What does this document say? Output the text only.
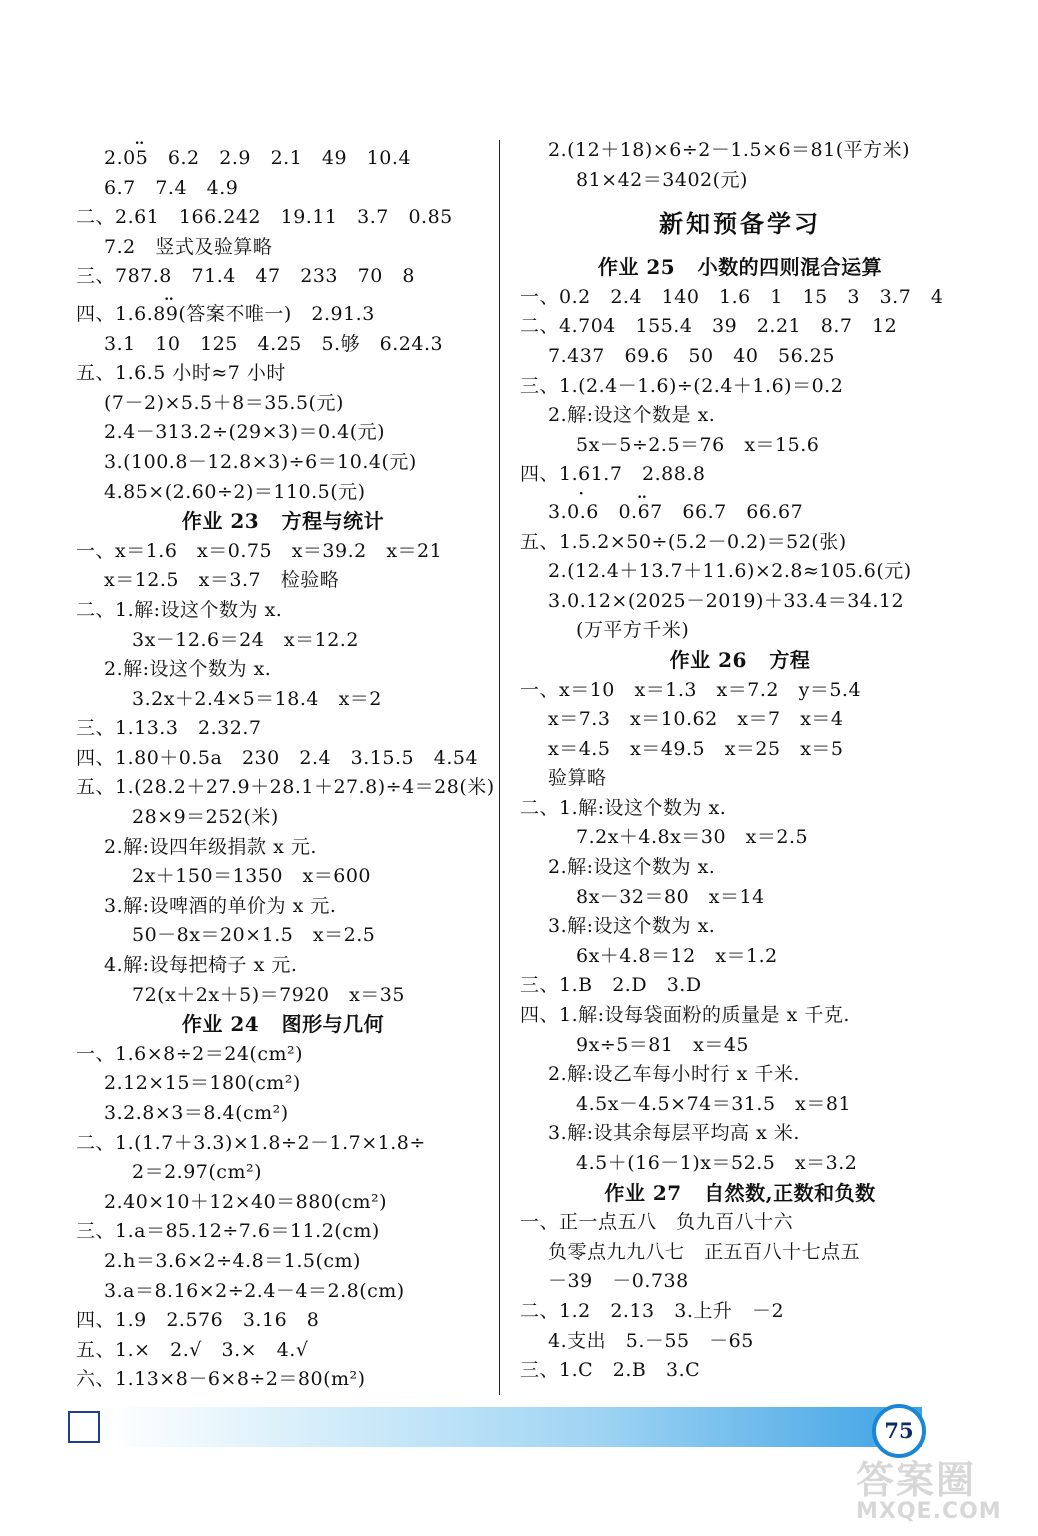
‥
2.05   6.2   2.9   2.1   49   10.4
6.7   7.4   4.9
二、2.61   166.242   19.11   3.7   0.85
7.2   竖式及验算略
三、787.8   71.4   47   233   70   8
‥
四、1.6.89(答案不唯一)   2.91.3
3.1   10   125   4.25   5.够   6.24.3
五、1.6.5 小时≈7 小时
(7－2)×5.5＋8＝35.5(元)
2.4－313.2÷(29×3)＝0.4(元)
3.(100.8－12.8×3)÷6＝10.4(元)
4.85×(2.60÷2)＝110.5(元)
作业 23   方程与统计
一、x＝1.6   x＝0.75   x＝39.2   x＝21
x＝12.5   x＝3.7   检验略
二、1.解:设这个数为 x.
3x－12.6＝24   x＝12.2
2.解:设这个数为 x.
3.2x＋2.4×5＝18.4   x＝2
三、1.13.3   2.32.7
四、1.80＋0.5a   230   2.4   3.15.5   4.54
五、1.(28.2＋27.9＋28.1＋27.8)÷4＝28(米)
28×9＝252(米)
2.解:设四年级捐款 x 元.
2x＋150＝1350   x＝600
3.解:设啤酒的单价为 x 元.
50－8x＝20×1.5   x＝2.5
4.解:设每把椅子 x 元.
72(x＋2x＋5)＝7920   x＝35
作业 24   图形与几何
一、1.6×8÷2＝24(cm²)
2.12×15＝180(cm²)
3.2.8×3＝8.4(cm²)
二、1.(1.7＋3.3)×1.8÷2－1.7×1.8÷
2＝2.97(cm²)
2.40×10＋12×40＝880(cm²)
三、1.a＝85.12÷7.6＝11.2(cm)
2.h＝3.6×2÷4.8＝1.5(cm)
3.a＝8.16×2÷2.4－4＝2.8(cm)
四、1.9   2.576   3.16   8
五、1.×   2.√   3.×   4.√
六、1.13×8－6×8÷2＝80(m²)
2.(12＋18)×6÷2－1.5×6＝81(平方米)
81×42＝3402(元)
新知预备学习
作业 25   小数的四则混合运算
一、0.2   2.4   140   1.6   1   15   3   3.7   4
二、4.704   155.4   39   2.21   8.7   12
7.437   69.6   50   40   56.25
三、1.(2.4－1.6)÷(2.4＋1.6)＝0.2
2.解:设这个数是 x.
5x－5÷2.5＝76   x＝15.6
四、1.61.7   2.88.8
·           ‥
3.0.6   0.67   66.7   66.67
五、1.5.2×50÷(5.2－0.2)＝52(张)
2.(12.4＋13.7＋11.6)×2.8≈105.6(元)
3.0.12×(2025－2019)＋33.4＝34.12
(万平方千米)
作业 26   方程
一、x＝10   x＝1.3   x＝7.2   y＝5.4
x＝7.3   x＝10.62   x＝7   x＝4
x＝4.5   x＝49.5   x＝25   x＝5
验算略
二、1.解:设这个数为 x.
7.2x＋4.8x＝30   x＝2.5
2.解:设这个数为 x.
8x－32＝80   x＝14
3.解:设这个数为 x.
6x＋4.8＝12   x＝1.2
三、1.B   2.D   3.D
四、1.解:设每袋面粉的质量是 x 千克.
9x÷5＝81   x＝45
2.解:设乙车每小时行 x 千米.
4.5x－4.5×74＝31.5   x＝81
3.解:设其余每层平均高 x 米.
4.5＋(16－1)x＝52.5   x＝3.2
作业 27   自然数,正数和负数
一、正一点五八   负九百八十六
负零点九九八七   正五百八十七点五
－39   －0.738
二、1.2   2.13   3.上升   －2
4.支出   5.－55   －65
三、1.C   2.B   3.C
75
答案圈
MXQE.COM
